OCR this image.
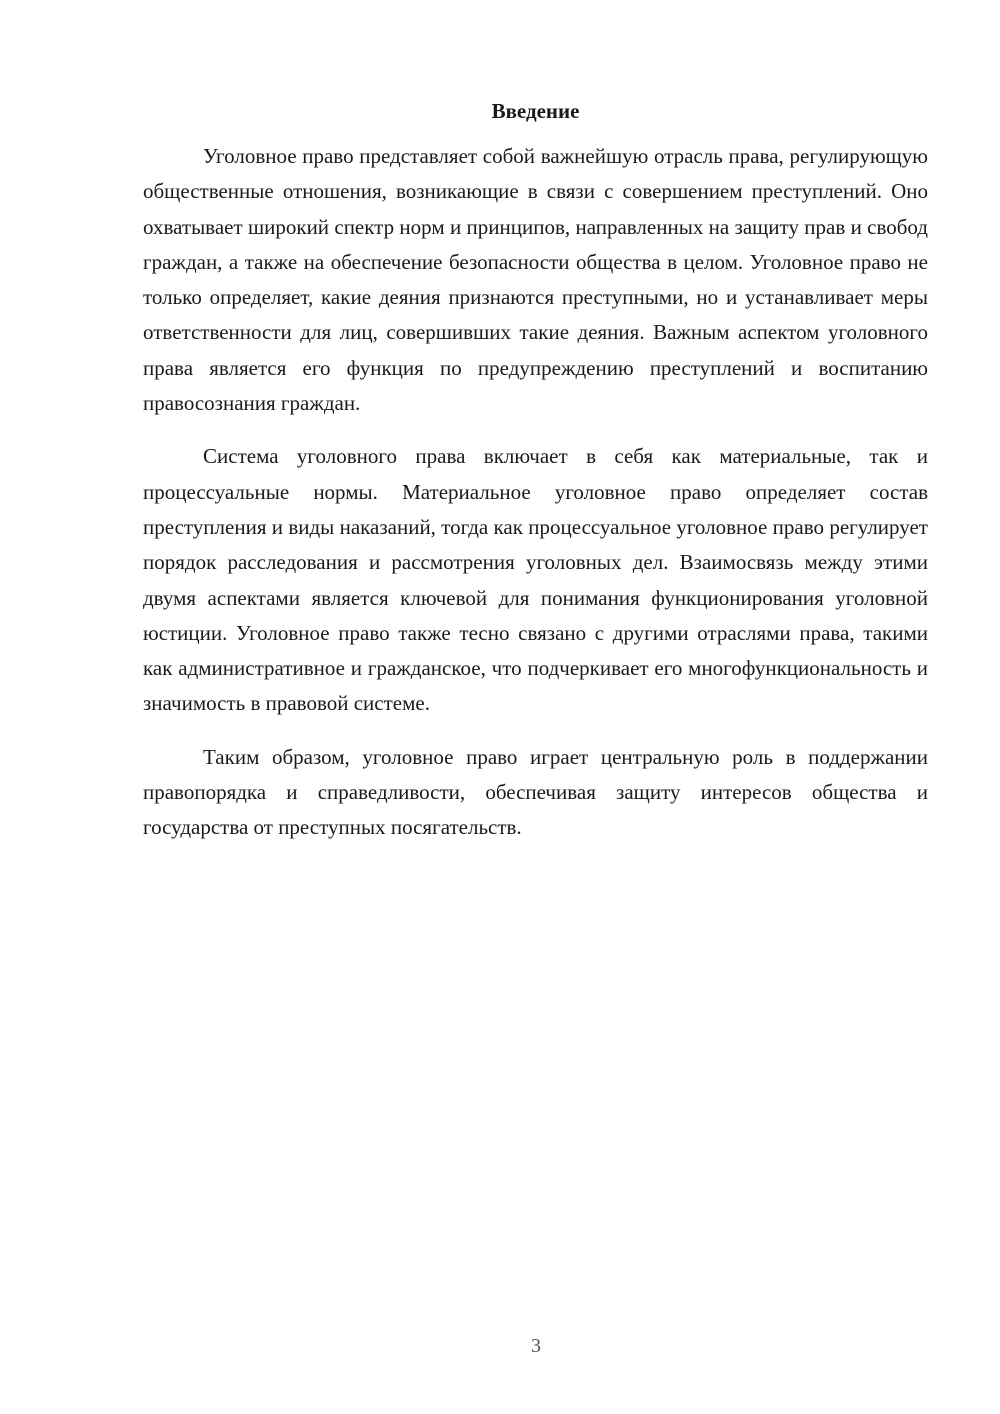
Введение

Уголовное право представляет собой важнейшую отрасль права, регулирующую общественные отношения, возникающие в связи с совершением преступлений. Оно охватывает широкий спектр норм и принципов, направленных на защиту прав и свобод граждан, а также на обеспечение безопасности общества в целом. Уголовное право не только определяет, какие деяния признаются преступными, но и устанавливает меры ответственности для лиц, совершивших такие деяния. Важным аспектом уголовного права является его функция по предупреждению преступлений и воспитанию правосознания граждан.

Система уголовного права включает в себя как материальные, так и процессуальные нормы. Материальное уголовное право определяет состав преступления и виды наказаний, тогда как процессуальное уголовное право регулирует порядок расследования и рассмотрения уголовных дел. Взаимосвязь между этими двумя аспектами является ключевой для понимания функционирования уголовной юстиции. Уголовное право также тесно связано с другими отраслями права, такими как административное и гражданское, что подчеркивает его многофункциональность и значимость в правовой системе.

Таким образом, уголовное право играет центральную роль в поддержании правопорядка и справедливости, обеспечивая защиту интересов общества и государства от преступных посягательств.

3
